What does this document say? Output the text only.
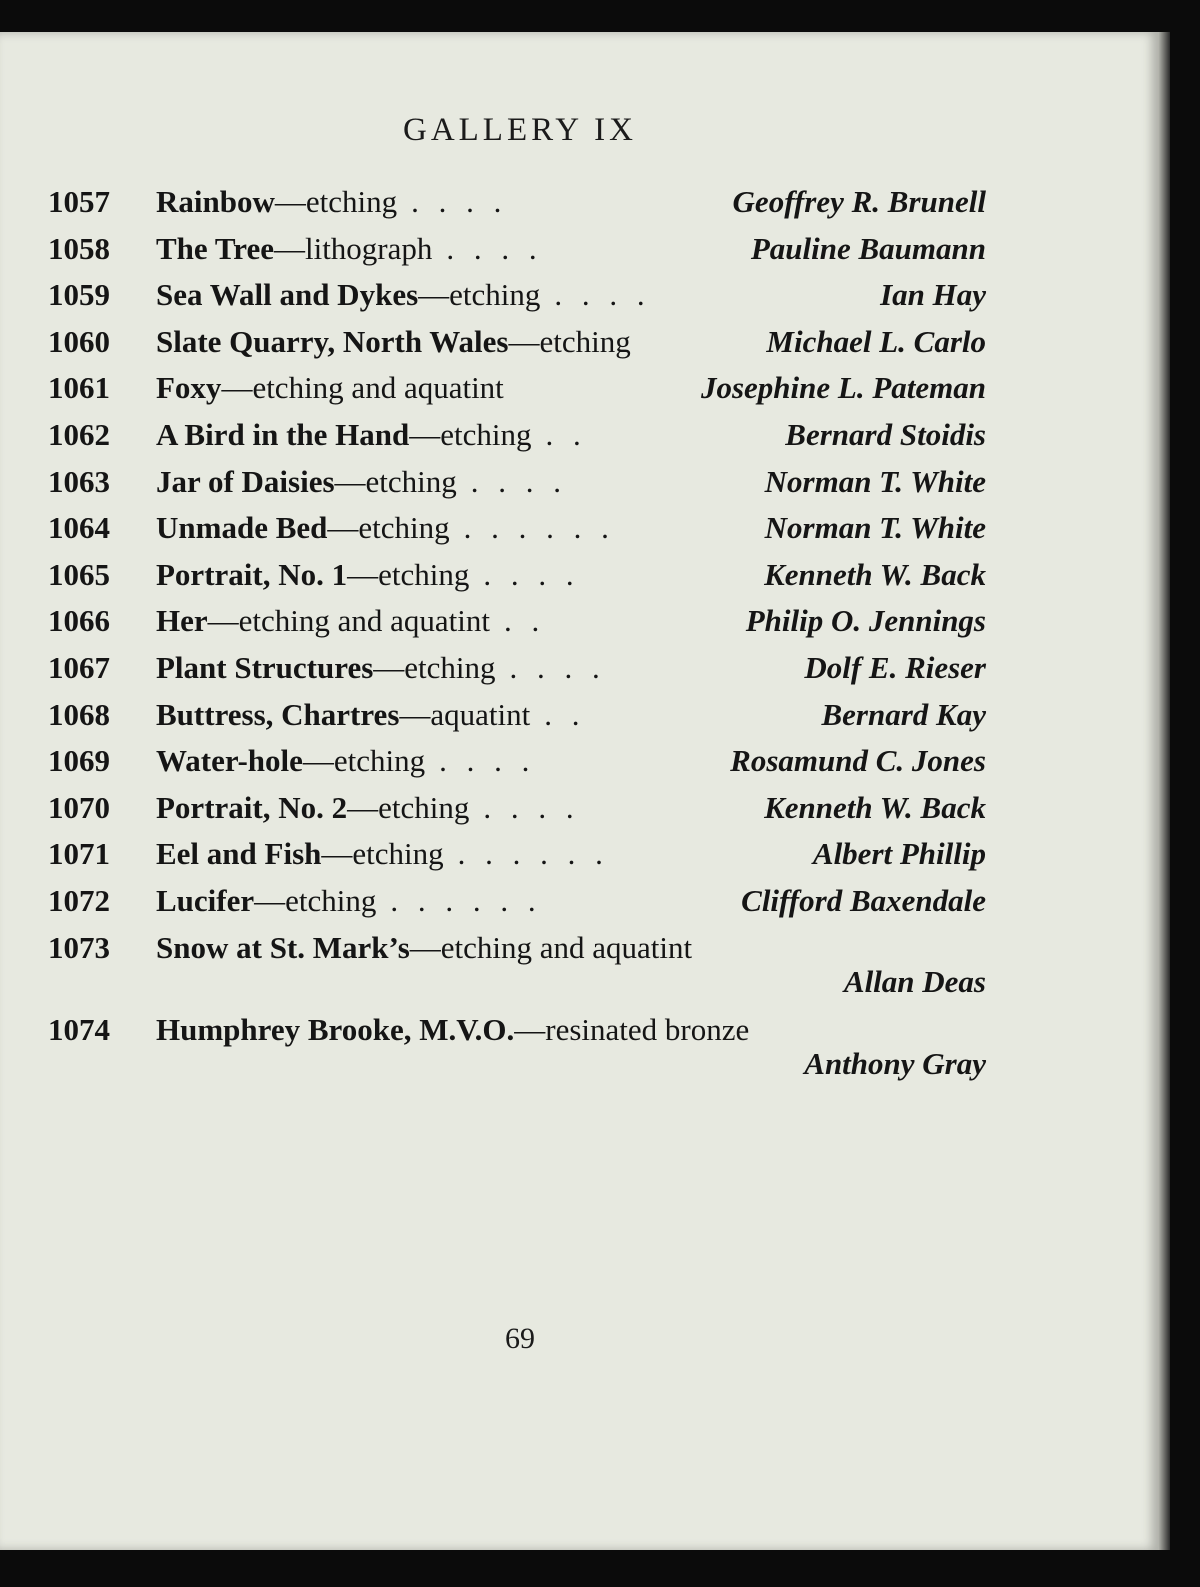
GALLERY IX
1057 Rainbow—etching . . . .	Geoffrey R. Brunell
1058 The Tree—lithograph . . . .	Pauline Baumann
1059 Sea Wall and Dykes—etching . . . .	Ian Hay
1060 Slate Quarry, North Wales—etching	Michael L. Carlo
1061 Foxy—etching and aquatint	Josephine L. Pateman
1062 A Bird in the Hand—etching . .	Bernard Stoidis
1063 Jar of Daisies—etching . . . .	Norman T. White
1064 Unmade Bed—etching . . . . . .	Norman T. White
1065 Portrait, No. 1—etching . . . .	Kenneth W. Back
1066 Her—etching and aquatint . .	Philip O. Jennings
1067 Plant Structures—etching . . . .	Dolf E. Rieser
1068 Buttress, Chartres—aquatint . .	Bernard Kay
1069 Water-hole—etching . . . .	Rosamund C. Jones
1070 Portrait, No. 2—etching . . . .	Kenneth W. Back
1071 Eel and Fish—etching . . . . . .	Albert Phillip
1072 Lucifer—etching . . . . . .	Clifford Baxendale
1073 Snow at St. Mark’s—etching and aquatint
Allan Deas
1074 Humphrey Brooke, M.V.O.—resinated bronze
Anthony Gray
69
